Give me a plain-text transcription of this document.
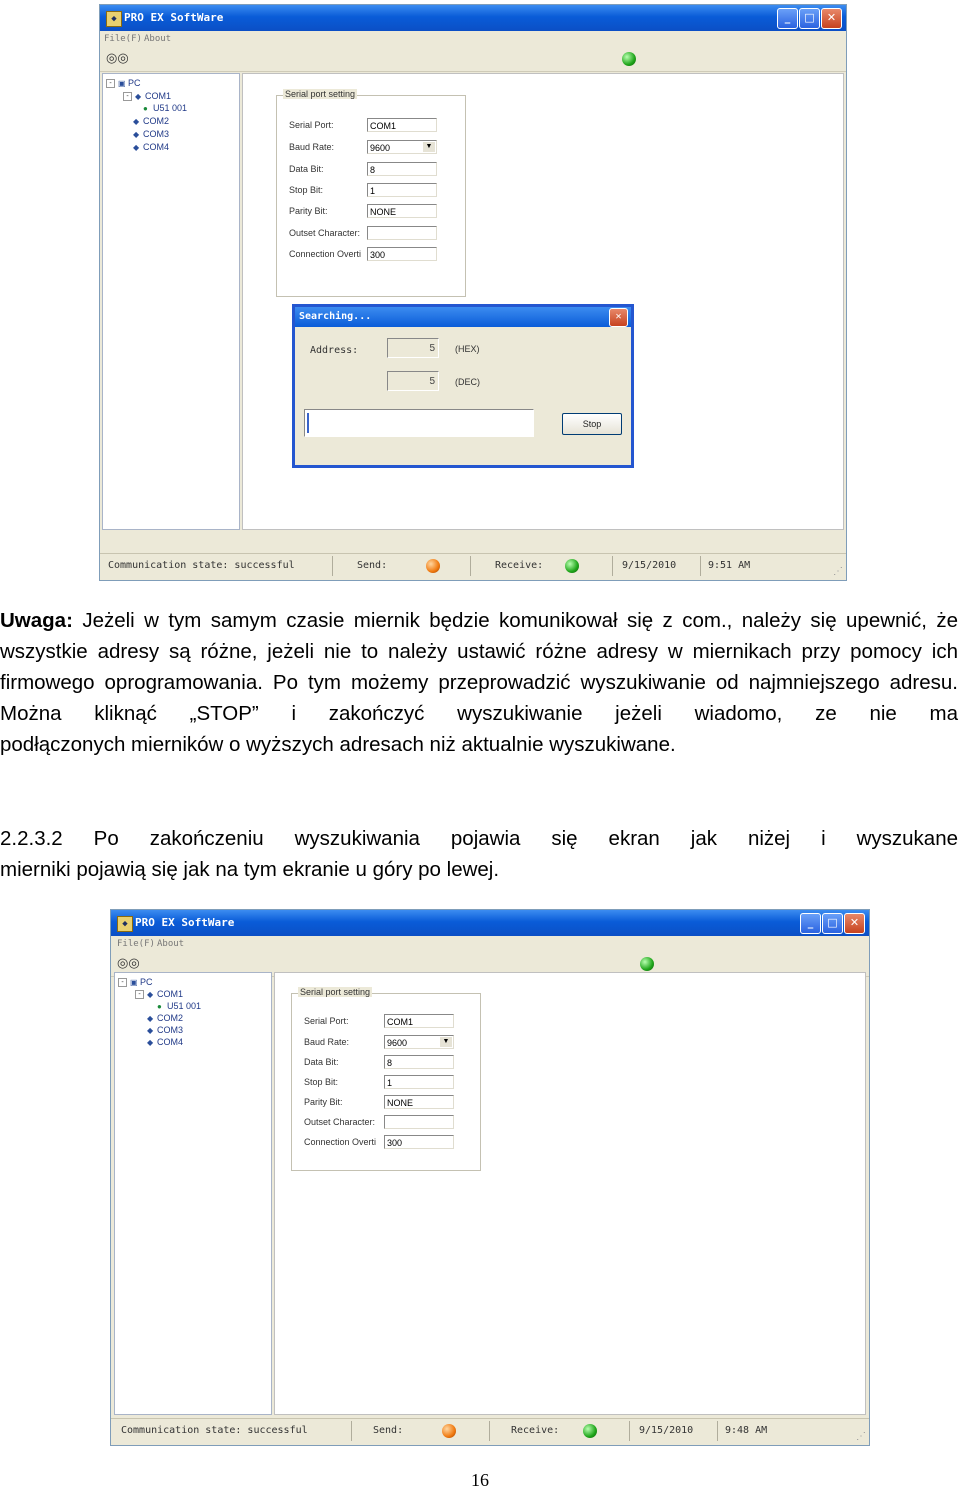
◆ PRO EX SoftWare	_	□	✕
File(F) About
◎◎
- ▣ PC
- ◆ COM1
● U51 001
◆ COM2
◆ COM3
◆ COM4
Serial port setting
Serial Port:	COM1
Baud Rate:	9600	▼
Data Bit:	8
Stop Bit:	1
Parity Bit:	NONE
Outset Character:
Connection Overti 300
Searching...	✕
Address:	5	(HEX)
5	(DEC)
Stop
Communication state: successful	Send:	Receive:	9/15/2010	9:51 AM
⋰
Uwaga: Jeżeli w tym samym czasie miernik będzie komunikował się z com., należy się upewnić, że wszystkie adresy są różne, jeżeli nie to należy ustawić różne adresy w miernikach przy pomocy ich firmowego oprogramowania. Po tym możemy przeprowadzić wyszukiwanie od najmniejszego adresu. Można kliknąć „STOP” i zakończyć wyszukiwanie jeżeli wiadomo, ze nie ma
podłączonych mierników o wyższych adresach niż aktualnie wyszukiwane.
2.2.3.2 Po zakończeniu wyszukiwania pojawia się ekran jak niżej i wyszukane
mierniki pojawią się jak na tym ekranie u góry po lewej.
◆ PRO EX SoftWare	_	□	✕
File(F) About
◎◎
- ▣ PC
- ◆ COM1
● U51 001
◆ COM2
◆ COM3
◆ COM4
Serial port setting
Serial Port:	COM1
Baud Rate:	9600	▼
Data Bit:	8
Stop Bit:	1
Parity Bit:	NONE
Outset Character:
Connection Overti	300
Communication state: successful	Send:	Receive:	9/15/2010	9:48 AM
⋰
16
